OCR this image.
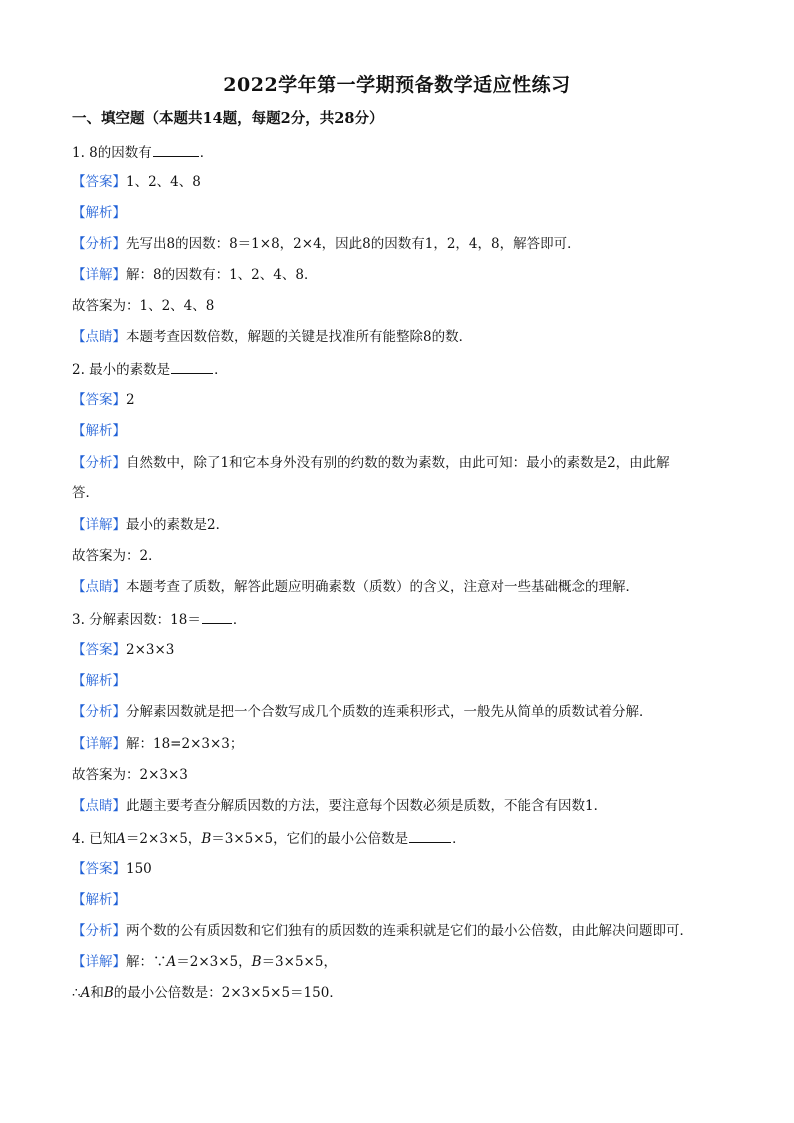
2022学年第一学期预备数学适应性练习
一、填空题（本题共14题，每题2分，共28分）
1. 8的因数有	．
【答案】1、2、4、8
【解析】
【分析】先写出8的因数：8＝1×8，2×4，因此8的因数有1，2，4，8，解答即可．
【详解】解：8的因数有：1、2、4、8．
故答案为：1、2、4、8
【点睛】本题考查因数倍数，解题的关键是找准所有能整除8的数．
2. 最小的素数是	．
【答案】2
【解析】
【分析】自然数中，除了1和它本身外没有别的约数的数为素数，由此可知：最小的素数是2，由此解
答．
【详解】最小的素数是2．
故答案为：2．
【点睛】本题考查了质数，解答此题应明确素数（质数）的含义，注意对一些基础概念的理解．
3. 分解素因数：18＝ ．
【答案】2×3×3
【解析】
【分析】分解素因数就是把一个合数写成几个质数的连乘积形式，一般先从简单的质数试着分解．
【详解】解：18=2×3×3；
故答案为：2×3×3
【点睛】此题主要考查分解质因数的方法，要注意每个因数必须是质数，不能含有因数1．
4. 已知A＝2×3×5，B＝3×5×5，它们的最小公倍数是	．
【答案】150
【解析】
【分析】两个数的公有质因数和它们独有的质因数的连乘积就是它们的最小公倍数，由此解决问题即可．
【详解】解：∵A＝2×3×5，B＝3×5×5，
∴A和B的最小公倍数是：2×3×5×5＝150．
